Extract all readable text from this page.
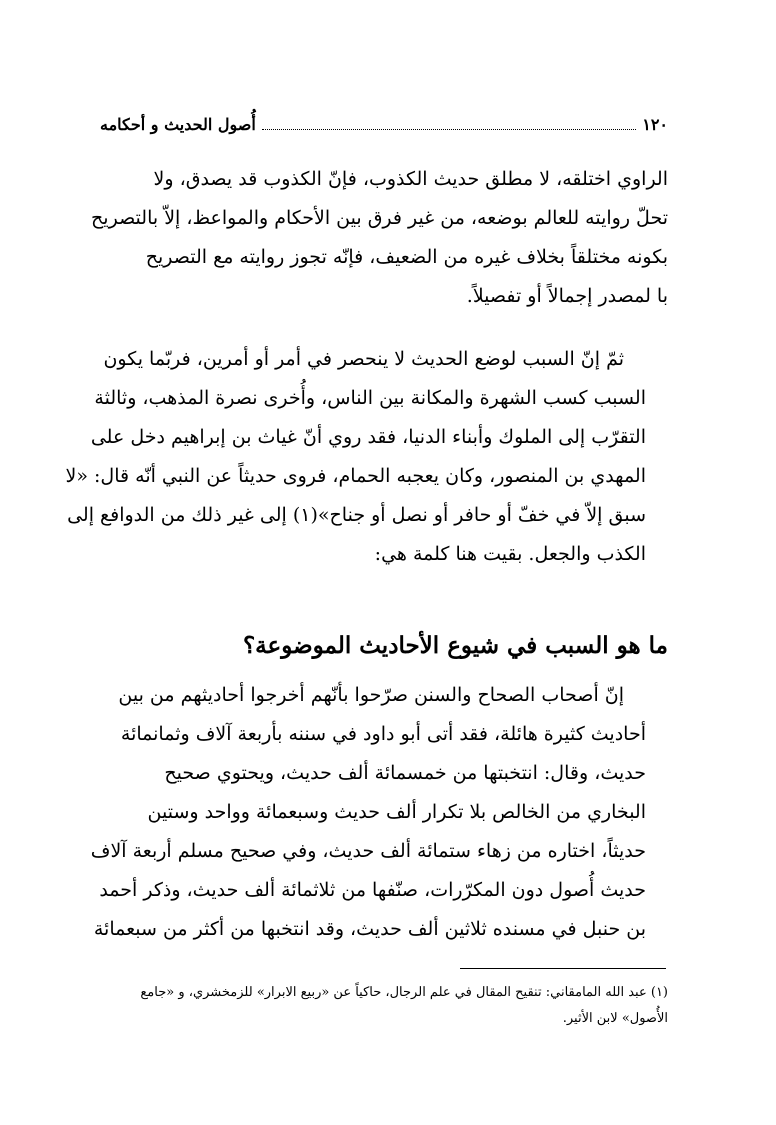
١٢٠
أُصول الحديث و أحكامه
الراوي اختلقه، لا مطلق حديث الكذوب، فإنّ الكذوب قد يصدق، ولا
تحلّ روايته للعالم بوضعه، من غير فرق بين الأحكام والمواعظ، إلاّ بالتصريح
بكونه مختلقاً بخلاف غيره من الضعيف، فإنّه تجوز روايته مع التصريح
با لمصدر إجمالاً أو تفصيلاً.
ثمّ إنّ السبب لوضع الحديث لا ينحصر في أمر أو أمرين، فربّما يكون
السبب كسب الشهرة والمكانة بين الناس، وأُخرى نصرة المذهب، وثالثة
التقرّب إلى الملوك وأبناء الدنيا، فقد روي أنّ غياث بن إبراهيم دخل على
المهدي بن المنصور، وكان يعجبه الحمام، فروى حديثاً عن النبي أنّه قال: «لا
سبق إلاّ في خفّ أو حافر أو نصل أو جناح»(١) إلى غير ذلك من الدوافع إلى
الكذب والجعل. بقيت هنا كلمة هي:
ما هو السبب في شيوع الأحاديث الموضوعة؟
إنّ أصحاب الصحاح والسنن صرّحوا بأنّهم أخرجوا أحاديثهم من بين
أحاديث كثيرة هائلة، فقد أتى أبو داود في سننه بأربعة آلاف وثمانمائة
حديث، وقال: انتخبتها من خمسمائة ألف حديث، ويحتوي صحيح
البخاري من الخالص بلا تكرار ألف حديث وسبعمائة وواحد وستين
حديثاً، اختاره من زهاء ستمائة ألف حديث، وفي صحيح مسلم أربعة آلاف
حديث أُصول دون المكرّرات، صنّفها من ثلاثمائة ألف حديث، وذكر أحمد
بن حنبل في مسنده ثلاثين ألف حديث، وقد انتخبها من أكثر من سبعمائة
(١) عبد الله المامقاني: تنقيح المقال في علم الرجال، حاكياً عن «ربيع الابرار» للزمخشري، و «جامع
الأُصول» لابن الأثير.
